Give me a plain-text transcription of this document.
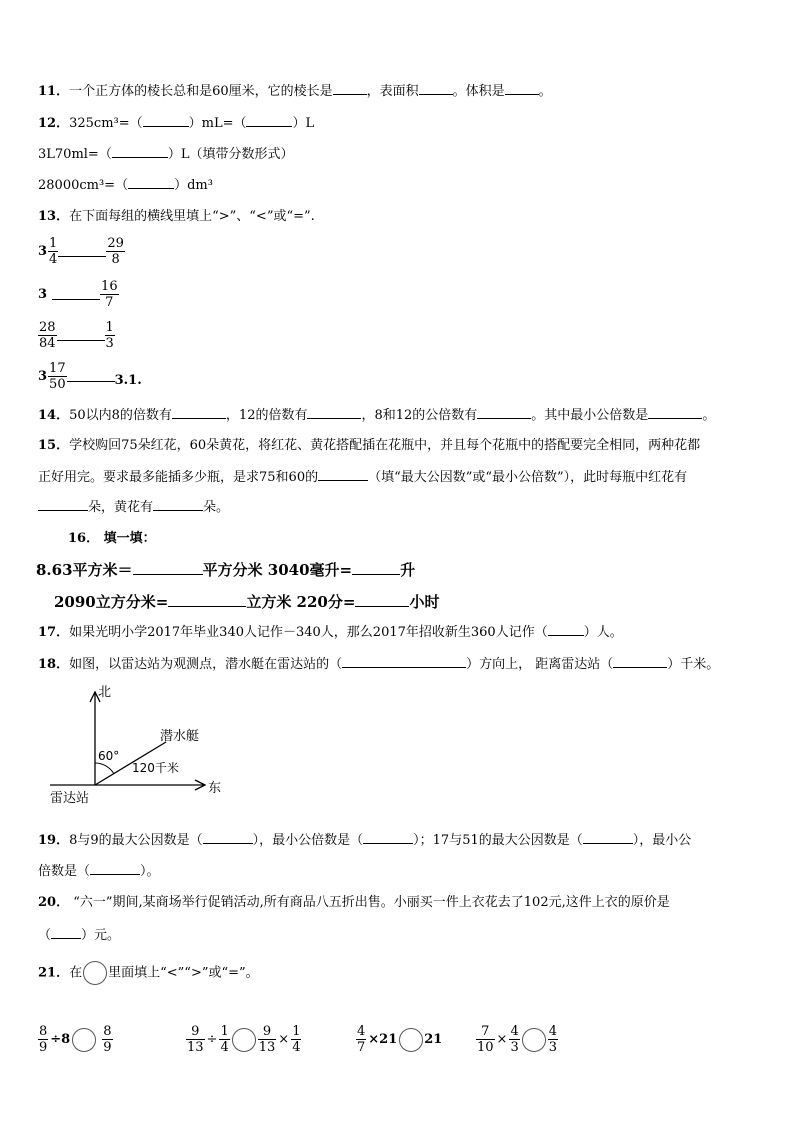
11．一个正方体的棱长总和是60厘米，它的棱长是	，表面积	。体积是	。
12．325cm³=（	）mL=（	）L
3L70ml=（	）L（填带分数形式）
28000cm³=（	）dm³
13．在下面每组的横线里填上“>”、“<”或“=”.
$3 \frac{1}{4}$	$\frac{29}{8}$
3	$\frac{16}{7}$
$\frac{28}{84}$	$\frac{1}{3}$
$3 \frac{17}{50}$	3.1.
14．50以内8的倍数有	，12的倍数有	，8和12的公倍数有	。其中最小公倍数是	。
15．学校购回75朵红花，60朵黄花，将红花、黄花搭配插在花瓶中，并且每个花瓶中的搭配要完全相同，两种花都
正好用完。要求最多能插多少瓶，是求75和60的	（填“最大公因数”或“最小公倍数”），此时每瓶中红花有
朵，黄花有	朵。
16． 填一填：
8.63平方米＝	平方分米 3040毫升=	升
2090立方分米=	立方米 220分=	小时
17．如果光明小学2017年毕业340人记作－340人，那么2017年招收新生360人记作（	）人。
18．如图，以雷达站为观测点，潜水艇在雷达站的（	）方向上， 距离雷达站（	）千米。
北
东
雷达站
潜水艇
60°
120千米
19．8与9的最大公因数是（	），最小公倍数是（	）；17与51的最大公因数是（	），最小公
倍数是（	）。
20． “六一”期间,某商场举行促销活动,所有商品八五折出售。小丽买一件上衣花去了102元,这件上衣的原价是
（ ）元。
21．在 里面填上“<”“>”或“=”。
$\frac{8}{9} \div 8 \frac{8}{9}$	$\frac{9}{13} \div \frac{1}{4} \frac{9}{13} \times \frac{1}{4}$	$\frac{4}{7} \times 21$ 21	$\frac{7}{10} \times \frac{4}{3} \frac{4}{3}$
